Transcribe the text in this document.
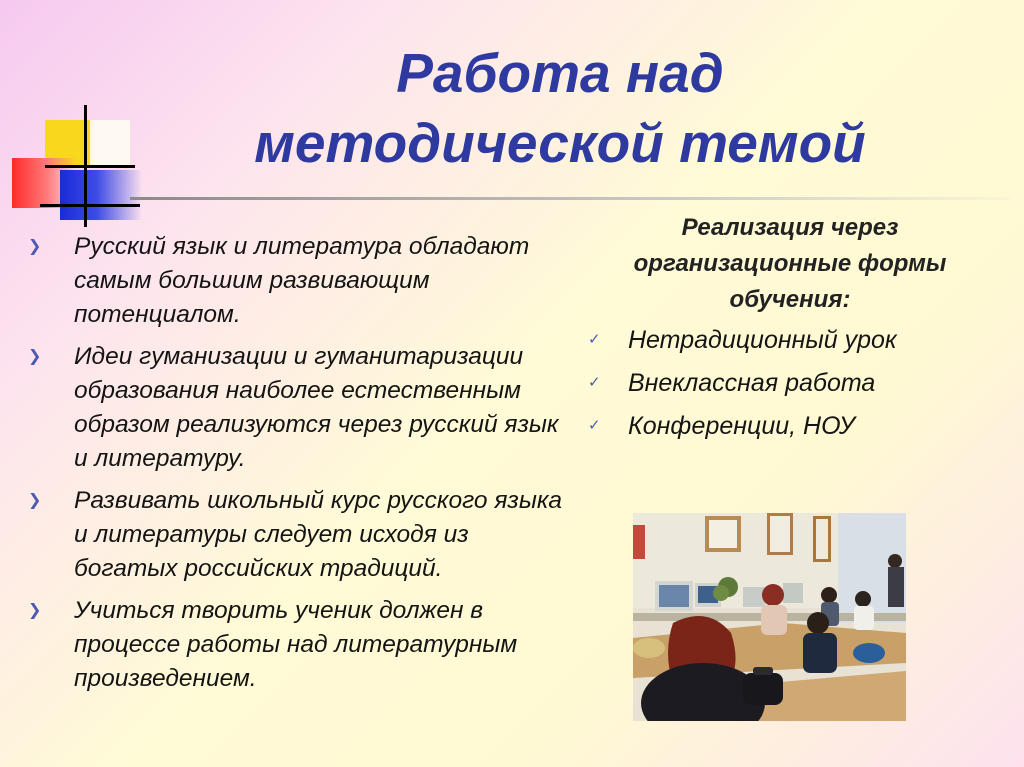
Работа над
методической темой
❯ Русский язык и литература обладают самым большим развивающим потенциалом.
❯ Идеи гуманизации и гуманитаризации образования наиболее естественным образом реализуются через русский язык и литературу.
❯ Развивать школьный курс русского языка и литературы следует исходя из богатых российских традиций.
❯ Учиться творить ученик должен в процессе работы над литературным произведением.
Реализация через организационные формы обучения:
✓ Нетрадиционный урок
✓ Внеклассная работа
✓ Конференции, НОУ
